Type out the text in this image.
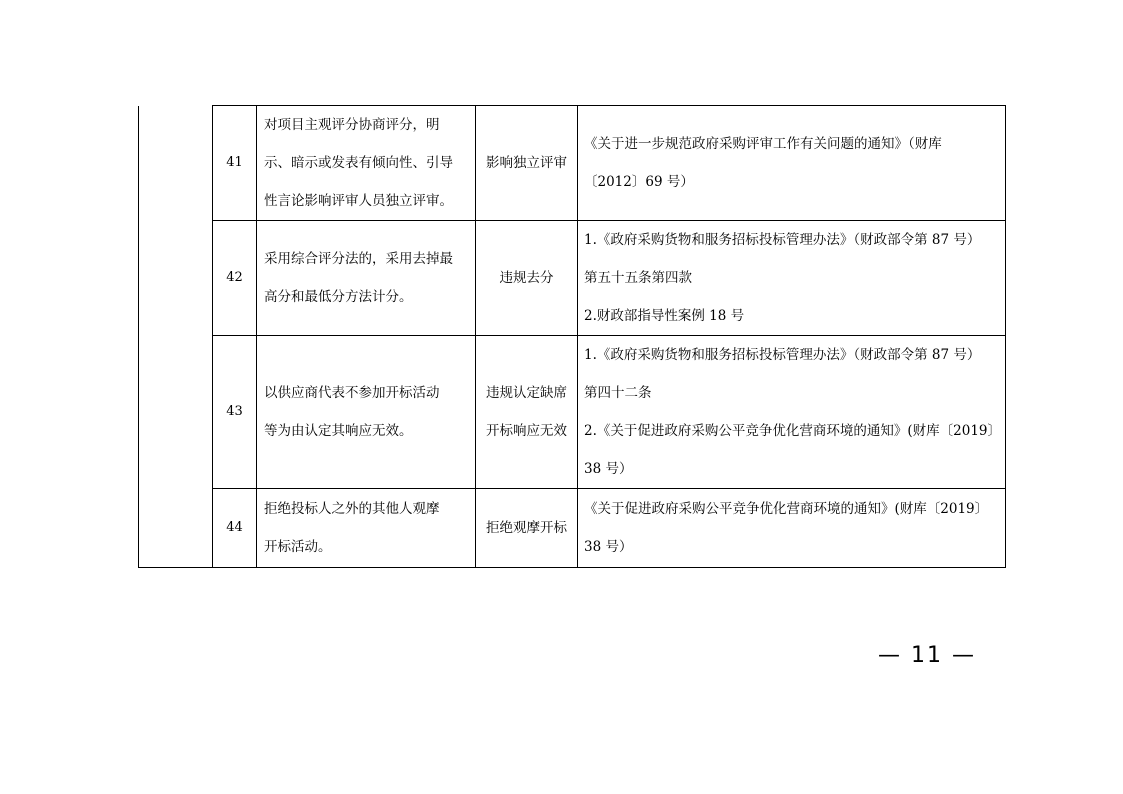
	41	对项目主观评分协商评分，明
示、暗示或发表有倾向性、引导
性言论影响评审人员独立评审。	影响独立评审	《关于进一步规范政府采购评审工作有关问题的通知》（财库
〔2012〕69 号）

	42	采用综合评分法的，采用去掉最
高分和最低分方法计分。	违规去分	1.《政府采购货物和服务招标投标管理办法》（财政部令第 87 号）
第五十五条第四款
2.财政部指导性案例 18 号

	43	以供应商代表不参加开标活动
等为由认定其响应无效。	违规认定缺席
开标响应无效	1.《政府采购货物和服务招标投标管理办法》（财政部令第 87 号）
第四十二条
2.《关于促进政府采购公平竞争优化营商环境的通知》(财库〔2019〕
38 号）

	44	拒绝投标人之外的其他人观摩
开标活动。	拒绝观摩开标	《关于促进政府采购公平竞争优化营商环境的通知》(财库〔2019〕
38 号）
— 11 —
